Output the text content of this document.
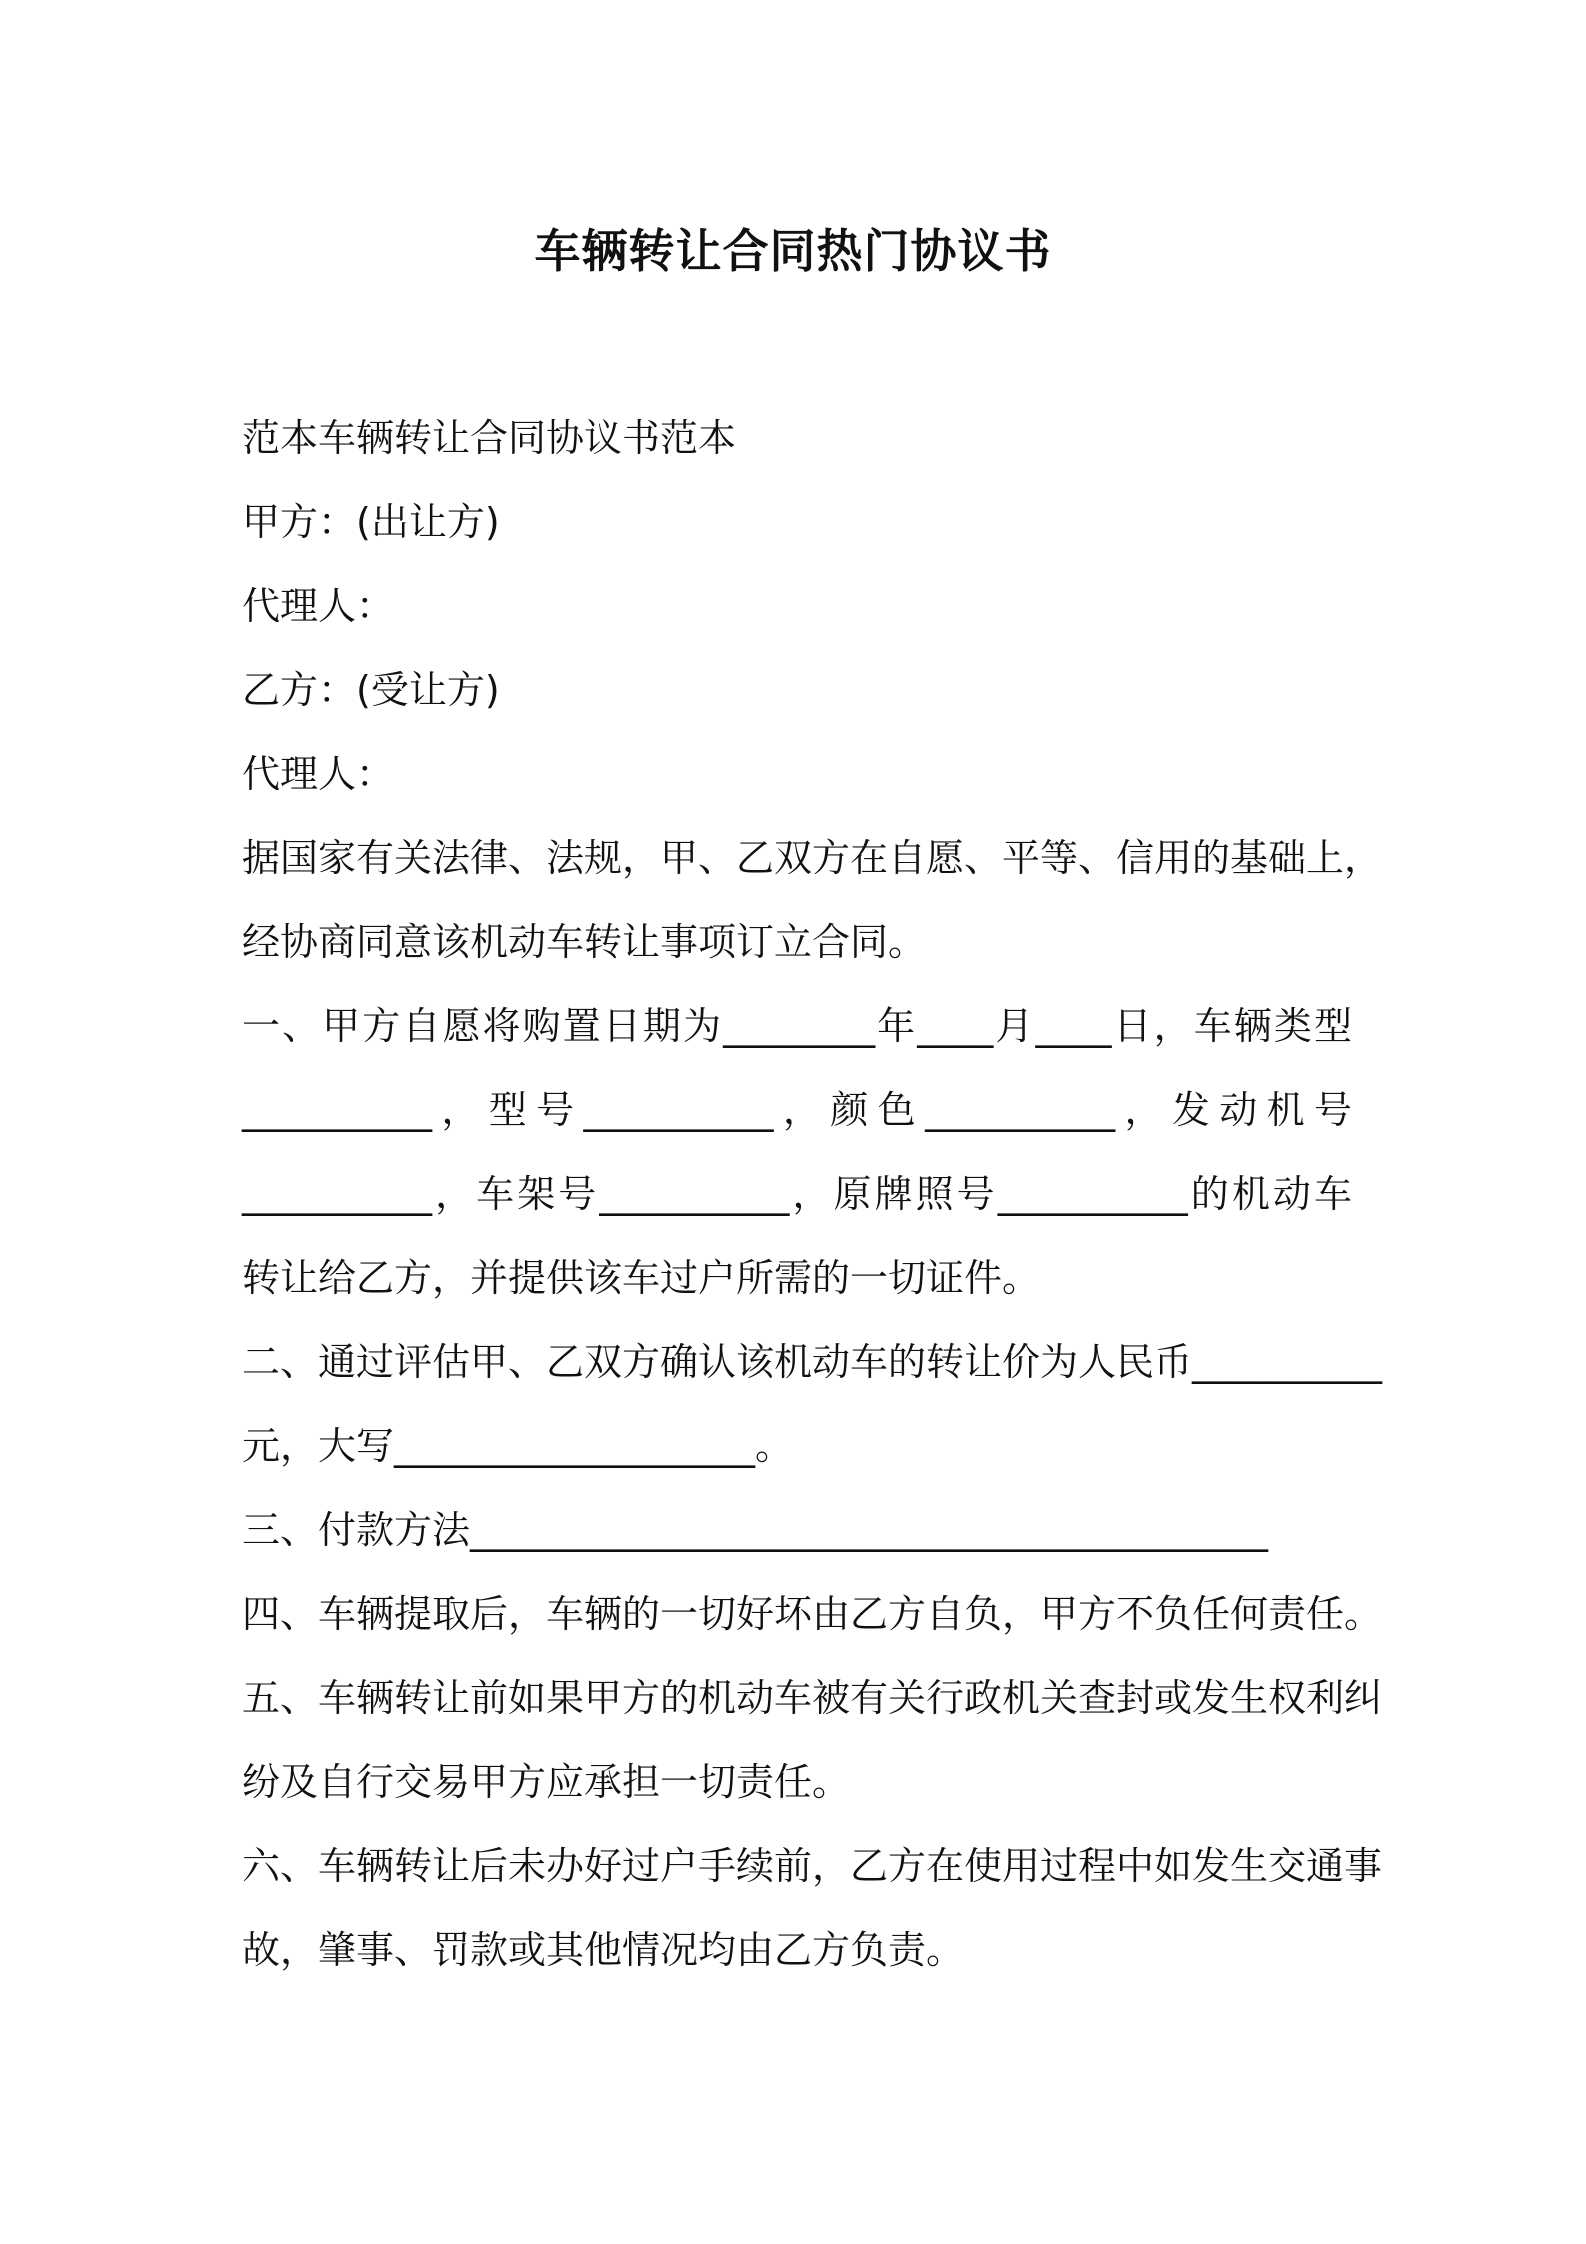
车辆转让合同热门协议书
范本车辆转让合同协议书范本
甲方：(出让方)
代理人：
乙方：(受让方)
代理人：
据国家有关法律、法规，甲、乙双方在自愿、平等、信用的基础上，
经协商同意该机动车转让事项订立合同。
一、甲方自愿将购置日期为________年____月____日，车辆类型
__________，型号__________，颜色__________，发动机号
__________，车架号__________，原牌照号__________的机动车
转让给乙方，并提供该车过户所需的一切证件。
二、通过评估甲、乙双方确认该机动车的转让价为人民币__________
元，大写___________________。
三、付款方法__________________________________________
四、车辆提取后，车辆的一切好坏由乙方自负，甲方不负任何责任。
五、车辆转让前如果甲方的机动车被有关行政机关查封或发生权利纠
纷及自行交易甲方应承担一切责任。
六、车辆转让后未办好过户手续前，乙方在使用过程中如发生交通事
故，肇事、罚款或其他情况均由乙方负责。
